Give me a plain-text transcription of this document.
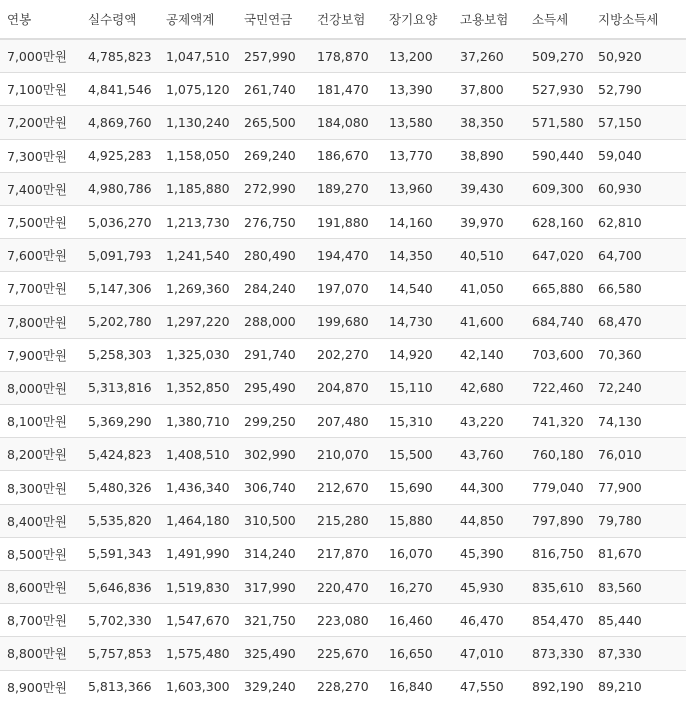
연봉	실수령액	공제액계	국민연금	건강보험	장기요양	고용보험	소득세	지방소득세
7,000만원	4,785,823	1,047,510	257,990	178,870	13,200	37,260	509,270	50,920
7,100만원	4,841,546	1,075,120	261,740	181,470	13,390	37,800	527,930	52,790
7,200만원	4,869,760	1,130,240	265,500	184,080	13,580	38,350	571,580	57,150
7,300만원	4,925,283	1,158,050	269,240	186,670	13,770	38,890	590,440	59,040
7,400만원	4,980,786	1,185,880	272,990	189,270	13,960	39,430	609,300	60,930
7,500만원	5,036,270	1,213,730	276,750	191,880	14,160	39,970	628,160	62,810
7,600만원	5,091,793	1,241,540	280,490	194,470	14,350	40,510	647,020	64,700
7,700만원	5,147,306	1,269,360	284,240	197,070	14,540	41,050	665,880	66,580
7,800만원	5,202,780	1,297,220	288,000	199,680	14,730	41,600	684,740	68,470
7,900만원	5,258,303	1,325,030	291,740	202,270	14,920	42,140	703,600	70,360
8,000만원	5,313,816	1,352,850	295,490	204,870	15,110	42,680	722,460	72,240
8,100만원	5,369,290	1,380,710	299,250	207,480	15,310	43,220	741,320	74,130
8,200만원	5,424,823	1,408,510	302,990	210,070	15,500	43,760	760,180	76,010
8,300만원	5,480,326	1,436,340	306,740	212,670	15,690	44,300	779,040	77,900
8,400만원	5,535,820	1,464,180	310,500	215,280	15,880	44,850	797,890	79,780
8,500만원	5,591,343	1,491,990	314,240	217,870	16,070	45,390	816,750	81,670
8,600만원	5,646,836	1,519,830	317,990	220,470	16,270	45,930	835,610	83,560
8,700만원	5,702,330	1,547,670	321,750	223,080	16,460	46,470	854,470	85,440
8,800만원	5,757,853	1,575,480	325,490	225,670	16,650	47,010	873,330	87,330
8,900만원	5,813,366	1,603,300	329,240	228,270	16,840	47,550	892,190	89,210
